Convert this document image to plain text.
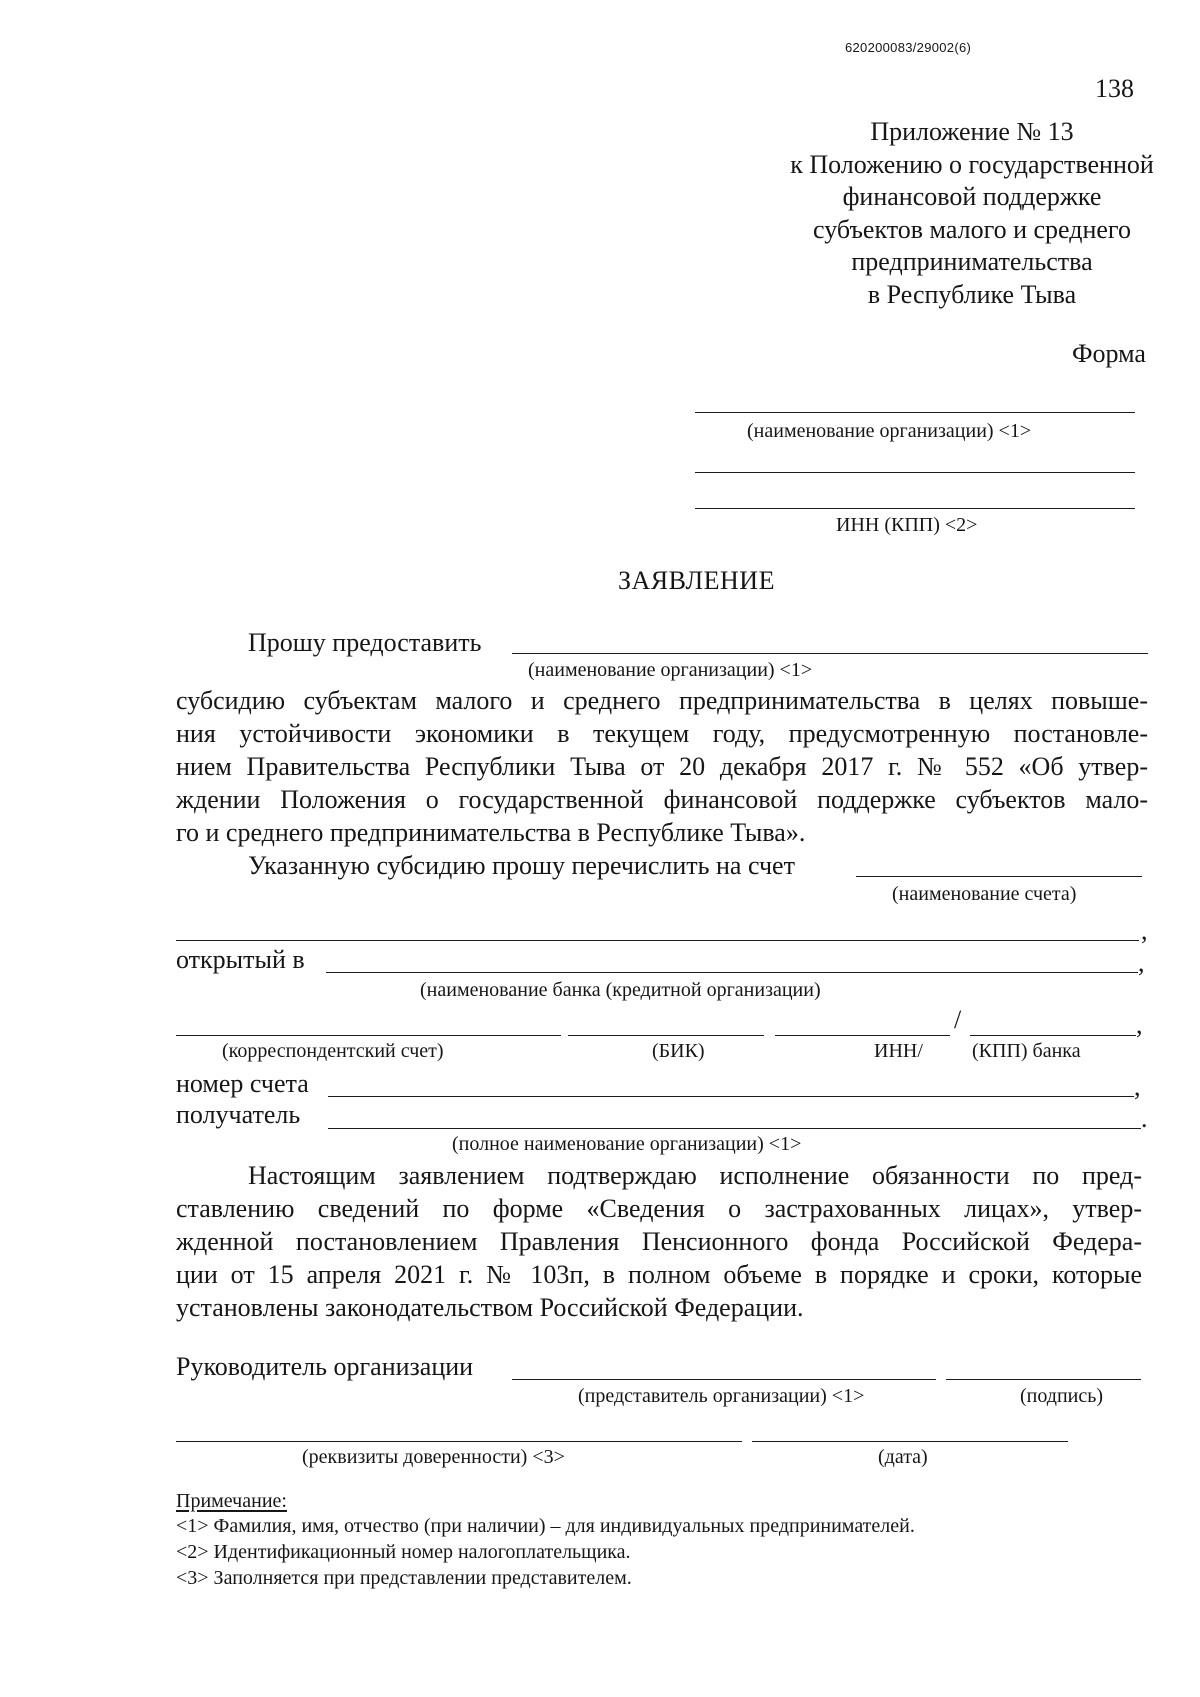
620200083/29002(6)
138
Приложение № 13
к Положению о государственной
финансовой поддержке
субъектов малого и среднего
предпринимательства
в Республике Тыва
Форма
(наименование организации) <1>
ИНН (КПП) <2>
ЗАЯВЛЕНИЕ
Прошу предоставить
(наименование организации) <1>
субсидию субъектам малого и среднего предпринимательства в целях повыше-
ния устойчивости экономики в текущем году, предусмотренную постановле-
нием Правительства Республики Тыва от 20 декабря 2017 г. № 552 «Об утвер-
ждении Положения о государственной финансовой поддержке субъектов мало-
го и среднего предпринимательства в Республике Тыва».
Указанную субсидию прошу перечислить на счет
(наименование счета)
,
открытый в	,
(наименование банка (кредитной организации)
/	,
(корреспондентский счет)	(БИК)	ИНН/ (КПП) банка
номер счета	,
получатель	.
(полное наименование организации) <1>
Настоящим заявлением подтверждаю исполнение обязанности по пред-
ставлению сведений по форме «Сведения о застрахованных лицах», утвер-
жденной постановлением Правления Пенсионного фонда Российской Федера-
ции от 15 апреля 2021 г. № 103п, в полном объеме в порядке и сроки, которые
установлены законодательством Российской Федерации.
Руководитель организации
(представитель организации) <1>	(подпись)
(реквизиты доверенности) <3>	(дата)
Примечание:
<1> Фамилия, имя, отчество (при наличии) – для индивидуальных предпринимателей.
<2> Идентификационный номер налогоплательщика.
<3> Заполняется при представлении представителем.
